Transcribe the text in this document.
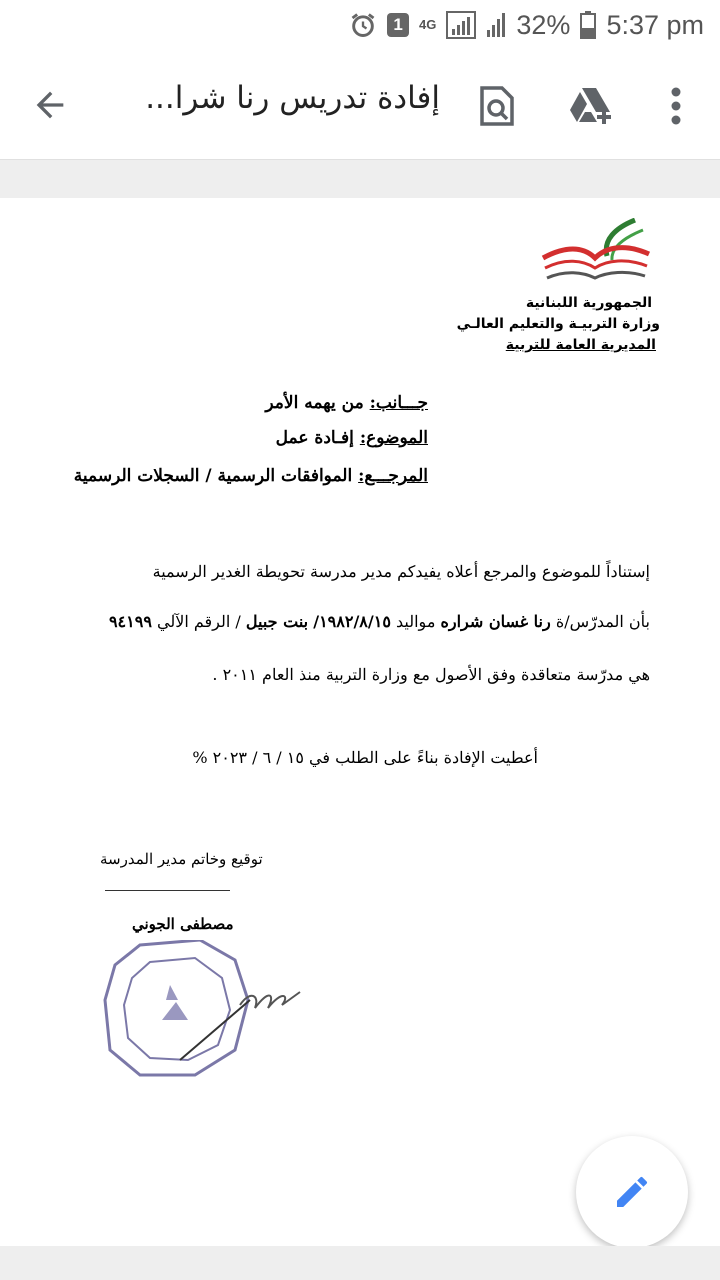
1 4G	32% 5:37 pm
إفادة تدريس رنا شرا...
الجمهورية اللبنانية
وزارة التربيـة والتعليم العالـي
المديرية العامة للتربية
جـــانب: من يهمه الأمر
الموضوع: إفـادة عمل
المرجـــع: الموافقات الرسمية / السجلات الرسمية
إستناداً للموضوع والمرجع أعلاه يفيدكم مدير مدرسة تحويطة الغدير الرسمية
بأن المدرّس/ة رنا غسان شراره مواليد ١٩٨٢/٨/١٥/ بنت جبيل / الرقم الآلي ٩٤١٩٩
هي مدرّسة متعاقدة وفق الأصول مع وزارة التربية منذ العام ٢٠١١ .
أعطيت الإفادة بناءً على الطلب في ١٥ / ٦ / ٢٠٢٣ %
توقيع وخاتم مدير المدرسة
مصطفى الجوني
